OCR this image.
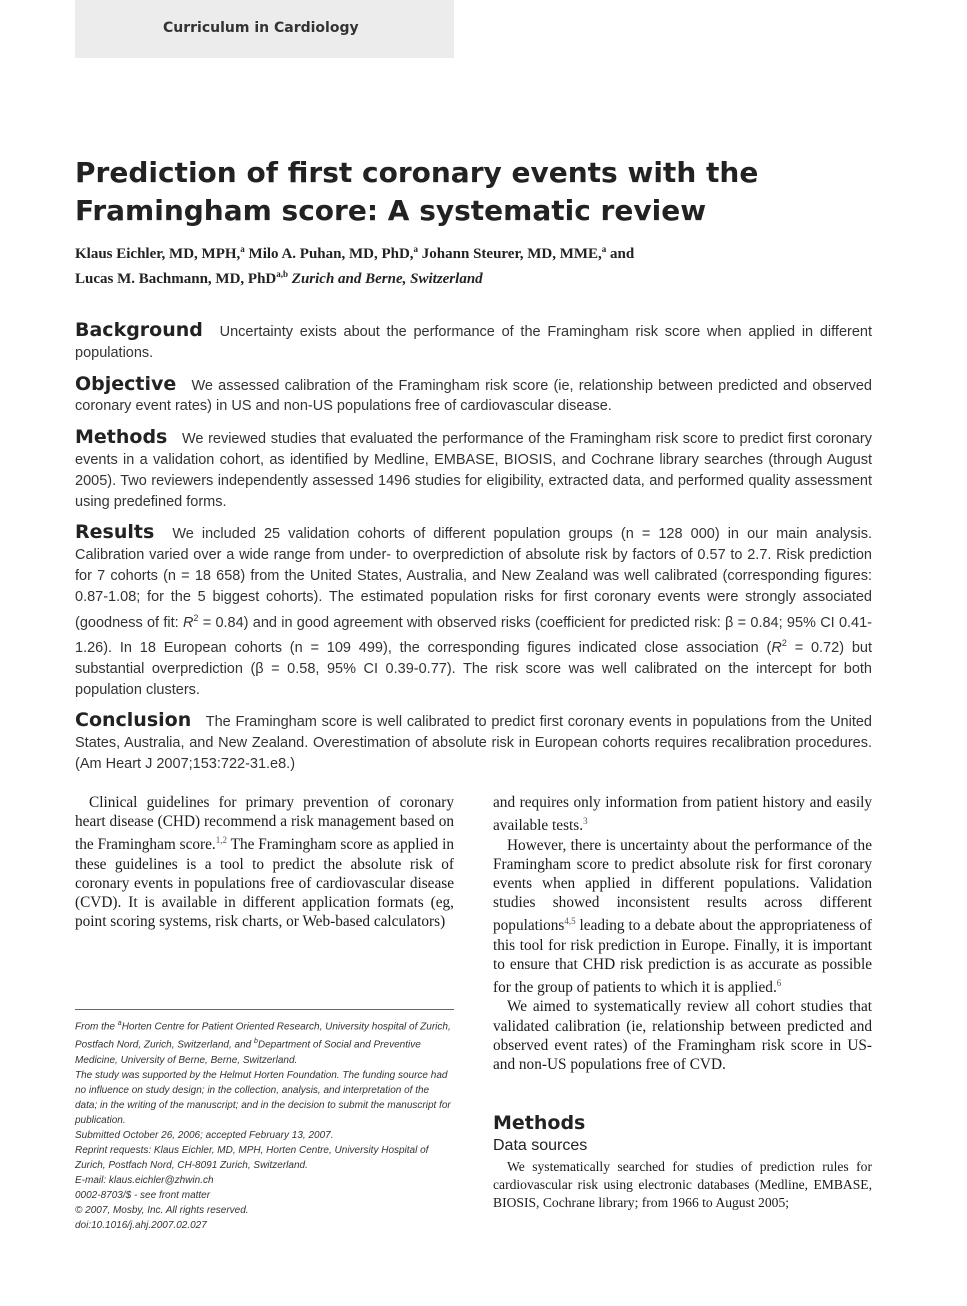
Curriculum in Cardiology
Prediction of first coronary events with the Framingham score: A systematic review
Klaus Eichler, MD, MPH,$^a$ Milo A. Puhan, MD, PhD,$^a$ Johann Steurer, MD, MME,$^a$ and
Lucas M. Bachmann, MD, PhD$^{a,b}$ Zurich and Berne, Switzerland

Background Uncertainty exists about the performance of the Framingham risk score when applied in different populations.

Objective We assessed calibration of the Framingham risk score (ie, relationship between predicted and observed coronary event rates) in US and non-US populations free of cardiovascular disease.

Methods We reviewed studies that evaluated the performance of the Framingham risk score to predict first coronary events in a validation cohort, as identified by Medline, EMBASE, BIOSIS, and Cochrane library searches (through August 2005). Two reviewers independently assessed 1496 studies for eligibility, extracted data, and performed quality assessment using predefined forms.

Results We included 25 validation cohorts of different population groups (n = 128 000) in our main analysis. Calibration varied over a wide range from under- to overprediction of absolute risk by factors of 0.57 to 2.7. Risk prediction for 7 cohorts (n = 18 658) from the United States, Australia, and New Zealand was well calibrated (corresponding figures: 0.87-1.08; for the 5 biggest cohorts). The estimated population risks for first coronary events were strongly associated (goodness of fit: $R^2 = 0.84$) and in good agreement with observed risks (coefficient for predicted risk: β = 0.84; 95% CI 0.41-1.26). In 18 European cohorts (n = 109 499), the corresponding figures indicated close association $(R^2 = 0.72)$ but substantial overprediction (β = 0.58, 95% CI 0.39-0.77). The risk score was well calibrated on the intercept for both population clusters.

Conclusion The Framingham score is well calibrated to predict first coronary events in populations from the United States, Australia, and New Zealand. Overestimation of absolute risk in European cohorts requires recalibration procedures. (Am Heart J 2007;153:722-31.e8.)

Clinical guidelines for primary prevention of coronary heart disease (CHD) recommend a risk management based on the Framingham score.$^{1,2}$ The Framingham score as applied in these guidelines is a tool to predict the absolute risk of coronary events in populations free of cardiovascular disease (CVD). It is available in different application formats (eg, point scoring systems, risk charts, or Web-based calculators)

From the $^a$Horten Centre for Patient Oriented Research, University hospital of Zurich, Postfach Nord, Zurich, Switzerland, and $^b$Department of Social and Preventive Medicine, University of Berne, Berne, Switzerland.

The study was supported by the Helmut Horten Foundation. The funding source had no influence on study design; in the collection, analysis, and interpretation of the data; in the writing of the manuscript; and in the decision to submit the manuscript for publication.

Submitted October 26, 2006; accepted February 13, 2007.

Reprint requests: Klaus Eichler, MD, MPH, Horten Centre, University Hospital of Zurich, Postfach Nord, CH-8091 Zurich, Switzerland.

E-mail: klaus.eichler@zhwin.ch

0002-8703/$ - see front matter

© 2007, Mosby, Inc. All rights reserved.

doi:10.1016/j.ahj.2007.02.027

and requires only information from patient history and easily available tests.$^3$

However, there is uncertainty about the performance of the Framingham score to predict absolute risk for first coronary events when applied in different populations. Validation studies showed inconsistent results across different populations$^{4,5}$ leading to a debate about the appropriateness of this tool for risk prediction in Europe. Finally, it is important to ensure that CHD risk prediction is as accurate as possible for the group of patients to which it is applied.$^6$

We aimed to systematically review all cohort studies that validated calibration (ie, relationship between predicted and observed event rates) of the Framingham risk score in US- and non-US populations free of CVD.

Methods
Data sources

We systematically searched for studies of prediction rules for cardiovascular risk using electronic databases (Medline, EMBASE, BIOSIS, Cochrane library; from 1966 to August 2005;
